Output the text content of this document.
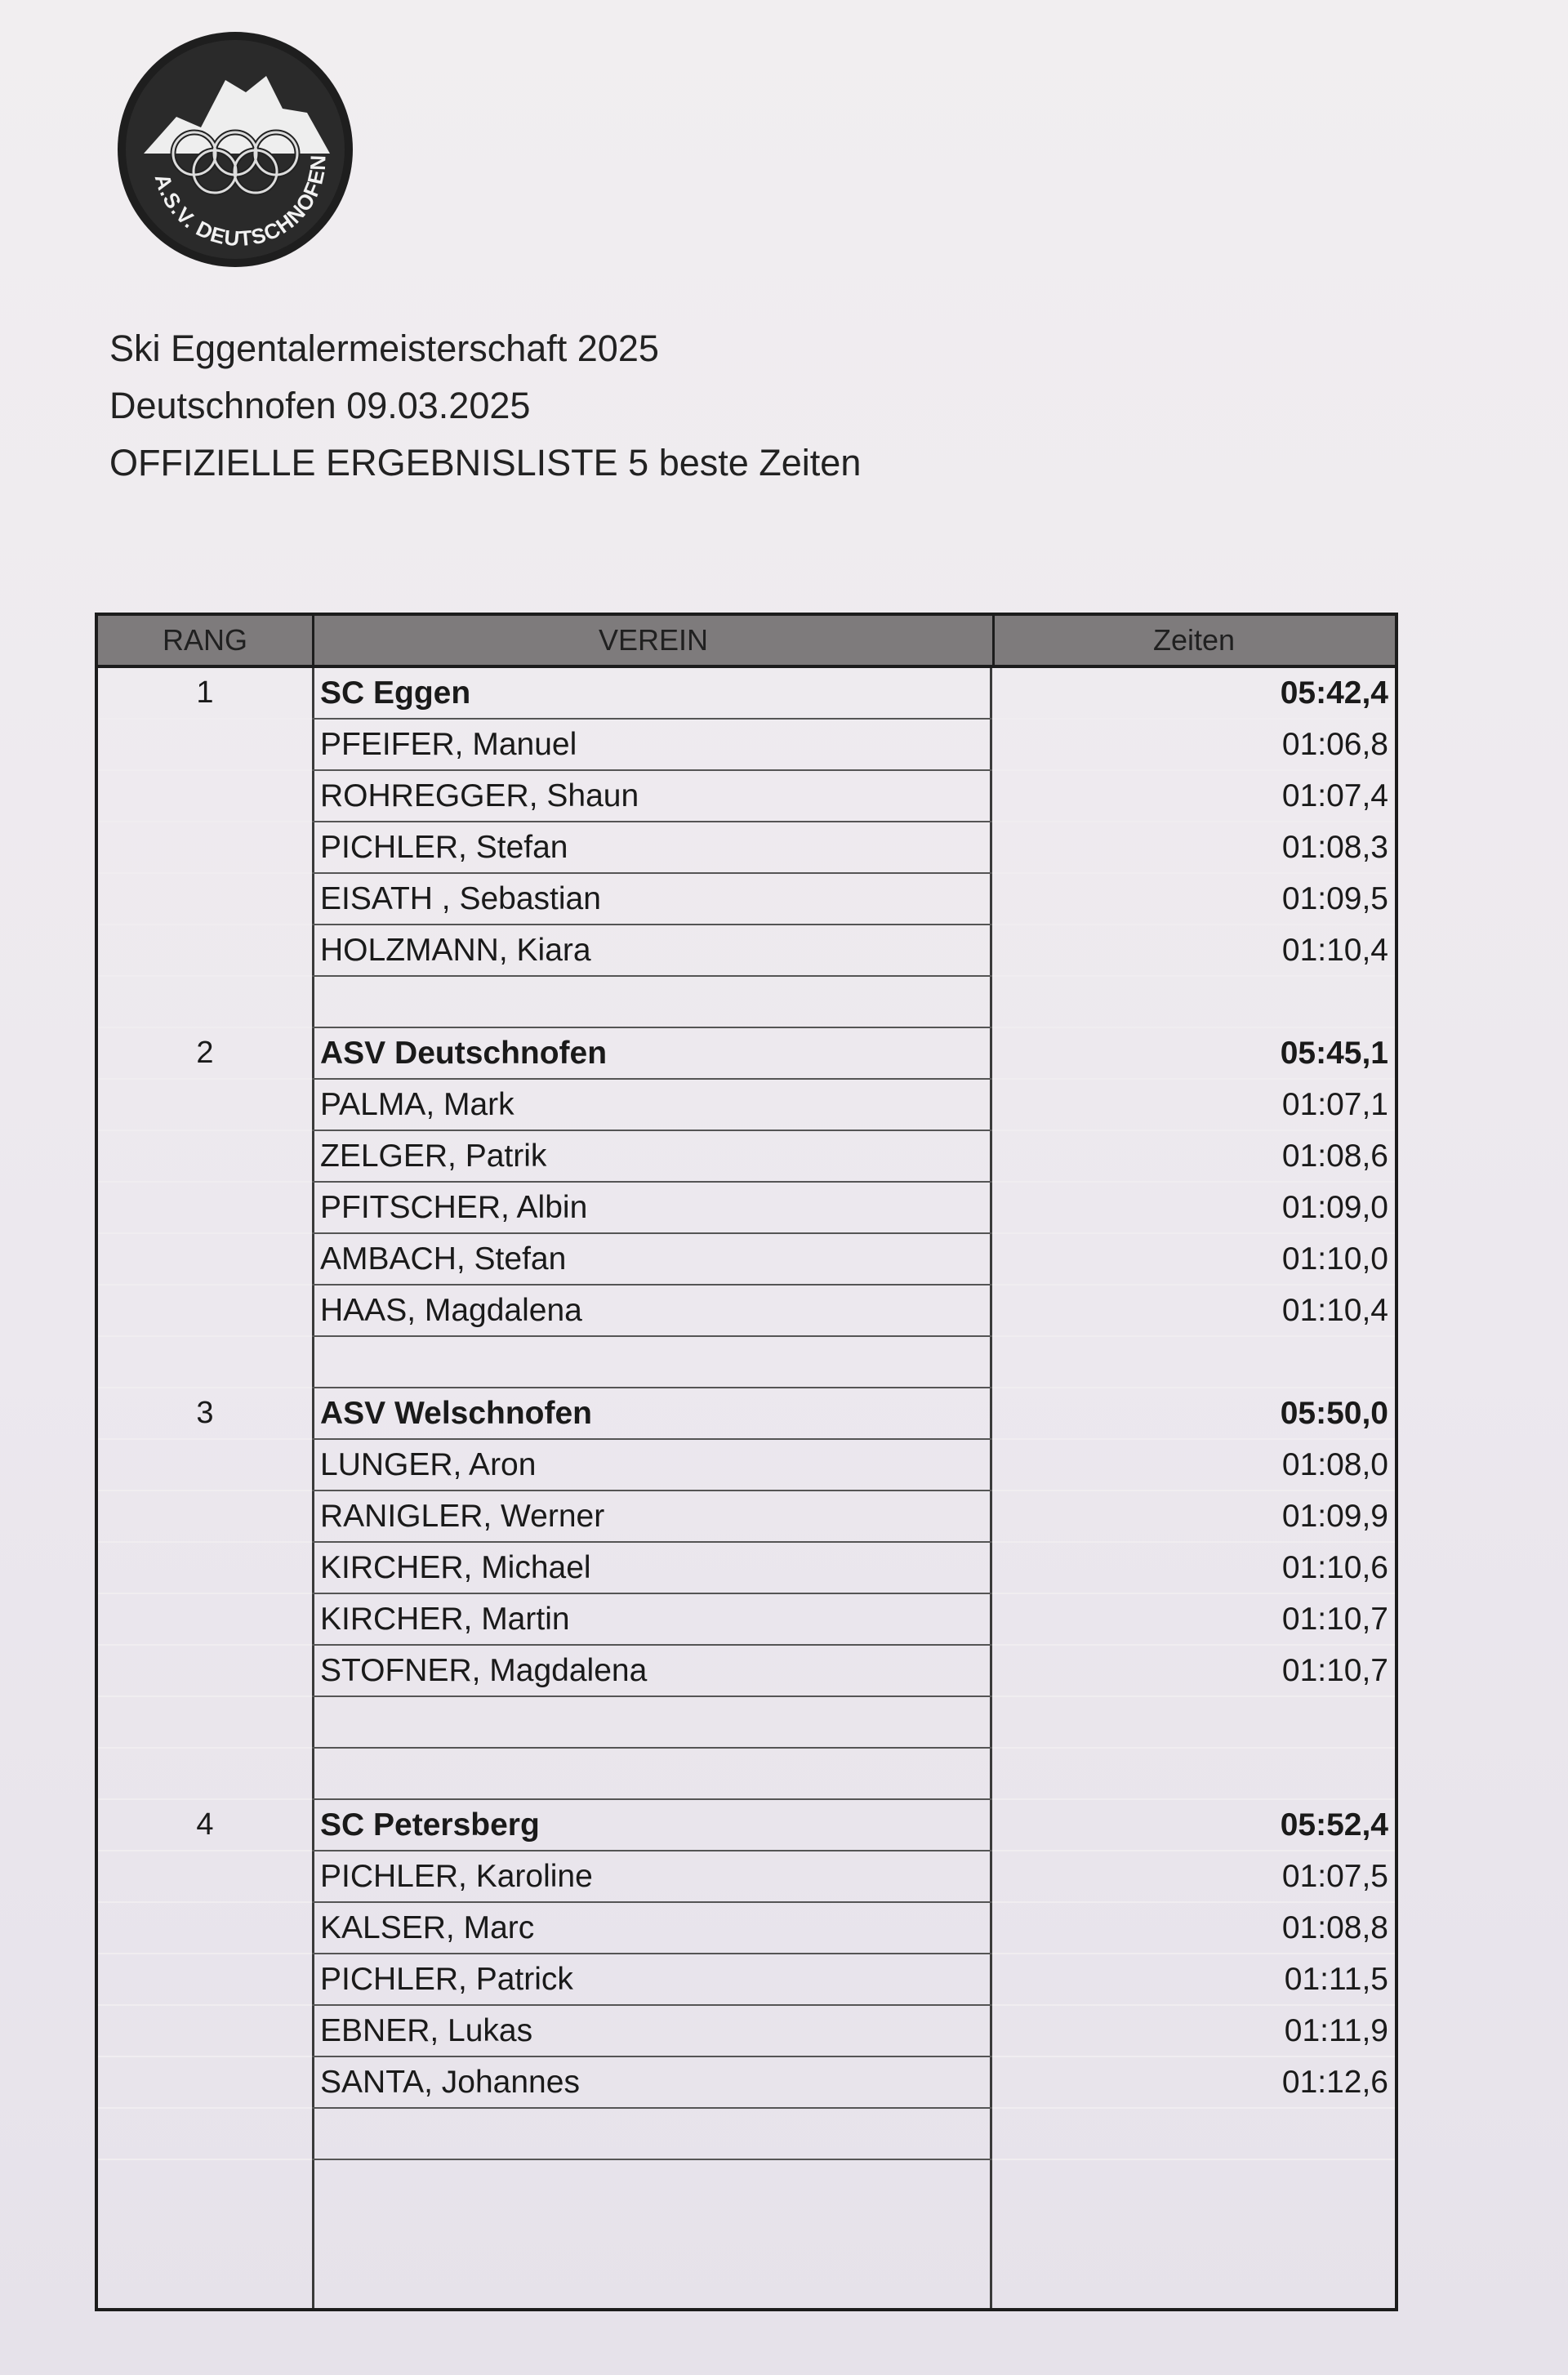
A.S.V. DEUTSCHNOFEN
Ski Eggentalermeisterschaft 2025
Deutschnofen 09.03.2025
OFFIZIELLE ERGEBNISLISTE 5 beste Zeiten
RANG	VEREIN	Zeiten
1	SC Eggen	05:42,4
PFEIFER, Manuel	01:06,8
ROHREGGER, Shaun	01:07,4
PICHLER, Stefan	01:08,3
EISATH , Sebastian	01:09,5
HOLZMANN, Kiara	01:10,4
2	ASV Deutschnofen	05:45,1
PALMA, Mark	01:07,1
ZELGER, Patrik	01:08,6
PFITSCHER, Albin	01:09,0
AMBACH, Stefan	01:10,0
HAAS, Magdalena	01:10,4
3	ASV Welschnofen	05:50,0
LUNGER, Aron	01:08,0
RANIGLER, Werner	01:09,9
KIRCHER, Michael	01:10,6
KIRCHER, Martin	01:10,7
STOFNER, Magdalena	01:10,7
4	SC Petersberg	05:52,4
PICHLER, Karoline	01:07,5
KALSER, Marc	01:08,8
PICHLER, Patrick	01:11,5
EBNER, Lukas	01:11,9
SANTA, Johannes	01:12,6
